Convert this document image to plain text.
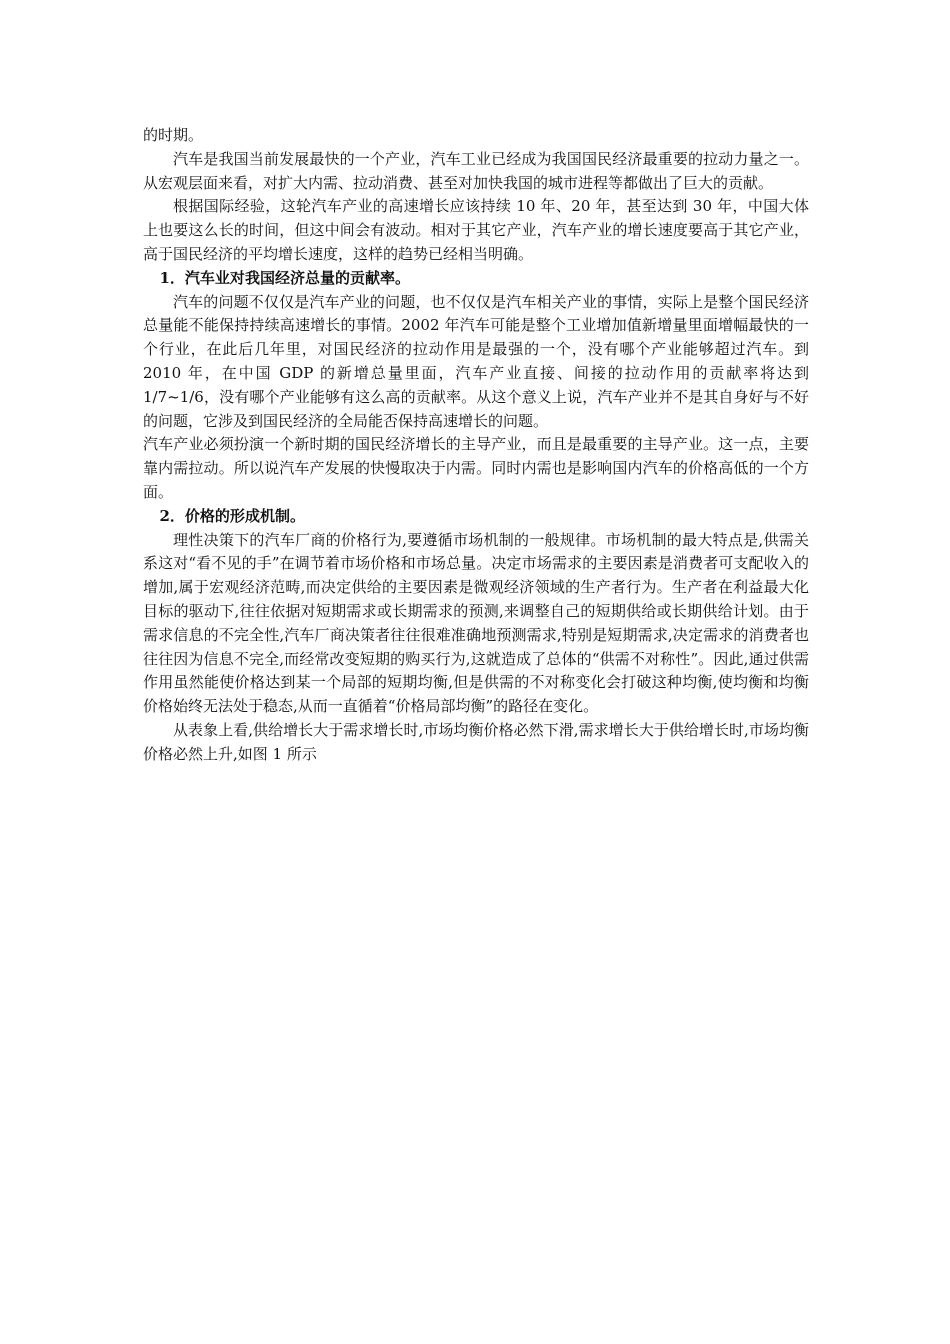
的时期。

汽车是我国当前发展最快的一个产业，汽车工业已经成为我国国民经济最重要的拉动力量之一。从宏观层面来看，对扩大内需、拉动消费、甚至对加快我国的城市进程等都做出了巨大的贡献。

根据国际经验，这轮汽车产业的高速增长应该持续 10 年、20 年，甚至达到 30 年，中国大体上也要这么长的时间，但这中间会有波动。相对于其它产业，汽车产业的增长速度要高于其它产业，高于国民经济的平均增长速度，这样的趋势已经相当明确。

1．汽车业对我国经济总量的贡献率。

汽车的问题不仅仅是汽车产业的问题，也不仅仅是汽车相关产业的事情，实际上是整个国民经济总量能不能保持持续高速增长的事情。2002 年汽车可能是整个工业增加值新增量里面增幅最快的一个行业，在此后几年里，对国民经济的拉动作用是最强的一个，没有哪个产业能够超过汽车。到 2010 年，在中国 GDP 的新增总量里面，汽车产业直接、间接的拉动作用的贡献率将达到 1/7~1/6，没有哪个产业能够有这么高的贡献率。从这个意义上说，汽车产业并不是其自身好与不好的问题，它涉及到国民经济的全局能否保持高速增长的问题。

汽车产业必须扮演一个新时期的国民经济增长的主导产业，而且是最重要的主导产业。这一点，主要靠内需拉动。所以说汽车产发展的快慢取决于内需。同时内需也是影响国内汽车的价格高低的一个方面。

2．价格的形成机制。

理性决策下的汽车厂商的价格行为,要遵循市场机制的一般规律。市场机制的最大特点是,供需关系这对“看不见的手”在调节着市场价格和市场总量。决定市场需求的主要因素是消费者可支配收入的增加,属于宏观经济范畴,而决定供给的主要因素是微观经济领域的生产者行为。生产者在利益最大化目标的驱动下,往往依据对短期需求或长期需求的预测,来调整自己的短期供给或长期供给计划。由于需求信息的不完全性,汽车厂商决策者往往很难准确地预测需求,特别是短期需求,决定需求的消费者也往往因为信息不完全,而经常改变短期的购买行为,这就造成了总体的“供需不对称性”。因此,通过供需作用虽然能使价格达到某一个局部的短期均衡,但是供需的不对称变化会打破这种均衡,使均衡和均衡价格始终无法处于稳态,从而一直循着“价格局部均衡”的路径在变化。

从表象上看,供给增长大于需求增长时,市场均衡价格必然下滑,需求增长大于供给增长时,市场均衡价格必然上升,如图 1 所示
